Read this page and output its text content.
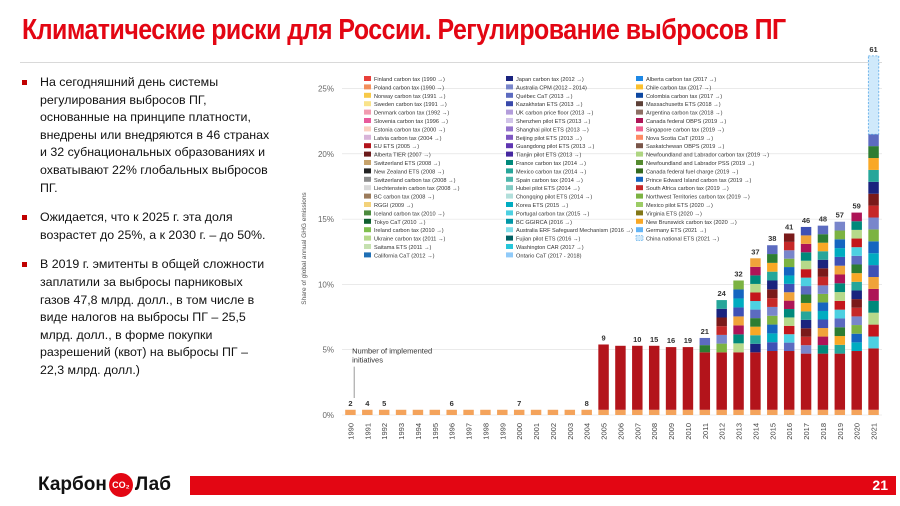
Климатические риски для России. Регулирование выбросов ПГ
На сегодняшний день системы регулирования выбросов ПГ, основанные на принципе платности, внедрены или внедряются в 46 странах и 32 субнациональных образованиях и охватывают 22% глобальных выбросов ПГ.
Ожидается, что к 2025 г. эта доля возрастет до 25%, а к 2030 г. – до 50%.
В 2019 г. эмитенты в общей сложности заплатили за выбросы парниковых газов 47,8 млрд. долл., в том числе в виде налогов на выбросы ПГ – 25,5 млрд. долл., в форме покупки разрешений (квот) на выбросы ПГ – 22,3 млрд. долл.)
Share of global annual GHG emissions
0%
5%
10%
15%
20%
25%
2
1990
4
1991
5
1992 1993 1994 1995
6
1996 1997 1998 1999
7
2000 2001 2002 2003
8
2004
9
2005 2006
10
2007
15
2008
16
2009
19
2010
21
2011
24
2012
32
2013
37
2014
38
2015
41
2016
46
2017
48
2018
57
2019
59
2020
61
2021
Number of implemented initiatives
Finland carbon tax (1990 →)
Poland carbon tax (1990 →)
Norway carbon tax (1991 →)
Sweden carbon tax (1991 →)
Denmark carbon tax (1992 →)
Slovenia carbon tax (1996 →)
Estonia carbon tax (2000 →)
Latvia carbon tax (2004 →)
EU ETS (2005 →)
Alberta TIER (2007 →)
Switzerland ETS (2008 →)
New Zealand ETS (2008 →)
Switzerland carbon tax (2008 →)
Liechtenstein carbon tax (2008 →)
BC carbon tax (2008 →)
RGGI (2009 →)
Iceland carbon tax (2010 →)
Tokyo CaT (2010 →)
Ireland carbon tax (2010 →)
Ukraine carbon tax (2011 →)
Saitama ETS (2011 →)
California CaT (2012 →)
Japan carbon tax (2012 →)
Australia CPM (2012 - 2014)
Québec CaT (2013 →)
Kazakhstan ETS (2013 →)
UK carbon price floor (2013 →)
Shenzhen pilot ETS (2013 →)
Shanghai pilot ETS (2013 →)
Beijing pilot ETS (2013 →)
Guangdong pilot ETS (2013 →)
Tianjin pilot ETS (2013 →)
France carbon tax (2014 →)
Mexico carbon tax (2014 →)
Spain carbon tax (2014 →)
Hubei pilot ETS (2014 →)
Chongqing pilot ETS (2014 →)
Korea ETS (2015 →)
Portugal carbon tax (2015 →)
BC GGIRCA (2016 →)
Australia ERF Safeguard Mechanism (2016 →)
Fujian pilot ETS (2016 →)
Washington CAR (2017 →)
Ontario CaT (2017 - 2018)
Alberta carbon tax (2017 →)
Chile carbon tax (2017 →)
Colombia carbon tax (2017 →)
Massachusetts ETS (2018 →)
Argentina carbon tax (2018 →)
Canada federal OBPS (2019 →)
Singapore carbon tax (2019 →)
Nova Scotia CaT (2019 →)
Saskatchewan OBPS (2019 →)
Newfoundland and Labrador carbon tax (2019 →)
Newfoundland and Labrador PSS (2019 →)
Canada federal fuel charge (2019 →)
Prince Edward Island carbon tax (2019 →)
South Africa carbon tax (2019 →)
Northwest Territories carbon tax (2019 →)
Mexico pilot ETS (2020 →)
Virginia ETS (2020 →)
New Brunswick carbon tax (2020 →)
Germany ETS (2021 →)
China national ETS (2021 →)
Карбон CO₂ Лаб	21
